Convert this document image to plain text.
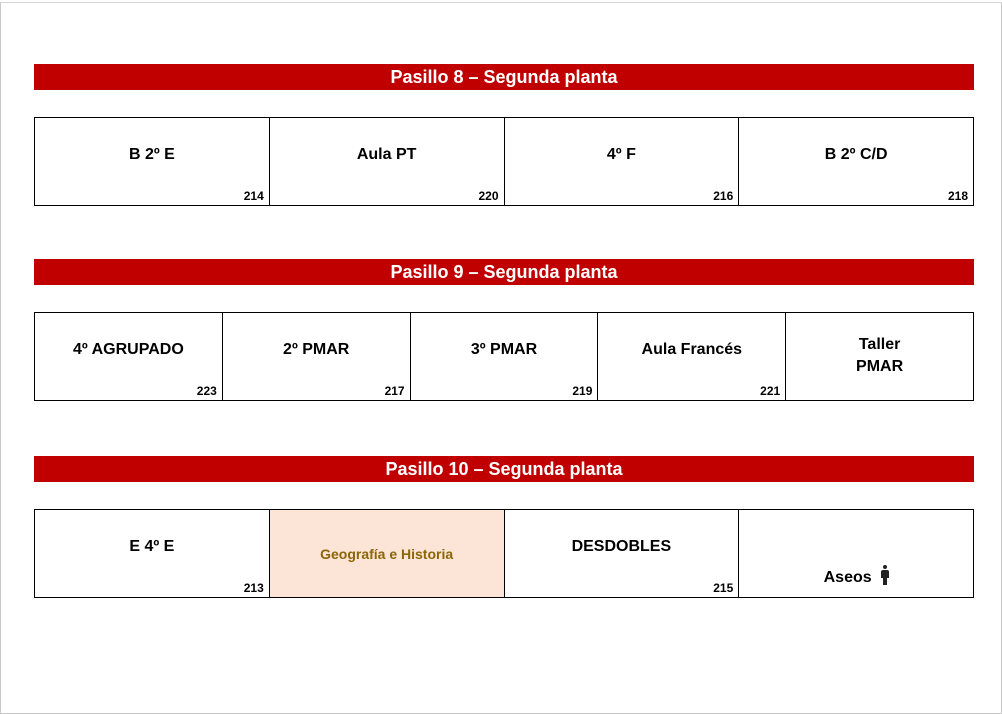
Pasillo 8 – Segunda planta
B 2º E
214
Aula PT
220
4º F
216
B 2º C/D
218
Pasillo 9 – Segunda planta
4º AGRUPADO
223
2º PMAR
217
3º PMAR
219
Aula Francés
221
Taller
PMAR
Pasillo 10 – Segunda planta
E 4º E
213
Geografía e Historia	DESDOBLES
215

Aseos
